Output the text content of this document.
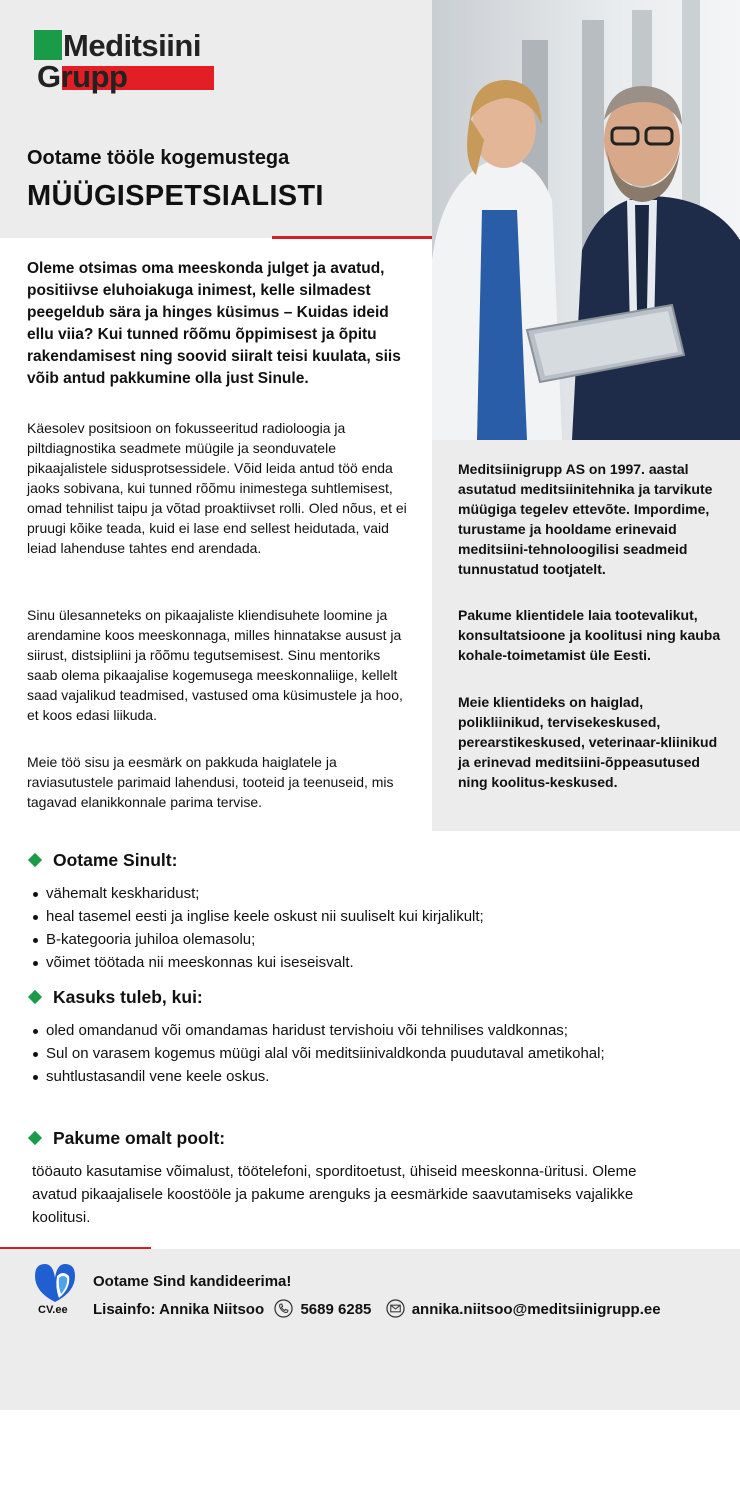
Meditsiini
Grupp
Ootame tööle kogemustega
MÜÜGISPETSIALISTI
Oleme otsimas oma meeskonda julget ja avatud, positiivse eluhoiakuga inimest, kelle silmadest peegeldub sära ja hinges küsimus – Kuidas ideid ellu viia? Kui tunned rõõmu õppimisest ja õpitu rakendamisest ning soovid siiralt teisi kuulata, siis võib antud pakkumine olla just Sinule.
Käesolev positsioon on fokusseeritud radioloogia ja piltdiagnostika seadmete müügile ja seonduvatele pikaajalistele sidusprotsessidele. Võid leida antud töö enda jaoks sobivana, kui tunned rõõmu inimestega suhtlemisest, omad tehnilist taipu ja võtad proaktiivset rolli. Oled nõus, et ei pruugi kõike teada, kuid ei lase end sellest heidutada, vaid leiad lahenduse tahtes end arendada.
Sinu ülesanneteks on pikaajaliste kliendisuhete loomine ja arendamine koos meeskonnaga, milles hinnatakse ausust ja siirust, distsipliini ja rõõmu tegutsemisest. Sinu mentoriks saab olema pikaajalise kogemusega meeskonnaliige, kellelt saad vajalikud teadmised, vastused oma küsimustele ja hoo, et koos edasi liikuda.
Meie töö sisu ja eesmärk on pakkuda haiglatele ja raviasutustele parimaid lahendusi, tooteid ja teenuseid, mis tagavad elanikkonnale parima tervise.
Meditsiinigrupp AS on 1997. aastal asutatud meditsiinitehnika ja tarvikute müügiga tegelev ettevõte. Impordime, turustame ja hooldame erinevaid meditsiini-tehnoloogilisi seadmeid tunnustatud tootjatelt.
Pakume klientidele laia tootevalikut, konsultatsioone ja koolitusi ning kauba kohale-toimetamist üle Eesti.
Meie klientideks on haiglad, polikliinikud, tervisekeskused, perearstikeskused, veterinaar-kliinikud ja erinevad meditsiini-õppeasutused ning koolitus-keskused.
Ootame Sinult:
vähemalt keskharidust;
heal tasemel eesti ja inglise keele oskust nii suuliselt kui kirjalikult;
B-kategooria juhiloa olemasolu;
võimet töötada nii meeskonnas kui iseseisvalt.
Kasuks tuleb, kui:
oled omandanud või omandamas haridust tervishoiu või tehnilises valdkonnas;
Sul on varasem kogemus müügi alal või meditsiinivaldkonda puudutaval ametikohal;
suhtlustasandil vene keele oskus.
Pakume omalt poolt:
tööauto kasutamise võimalust, töötelefoni, sporditoetust, ühiseid meeskonna-üritusi. Oleme avatud pikaajalisele koostööle ja pakume arenguks ja eesmärkide saavutamiseks vajalikke koolitusi.
CV.ee
Ootame Sind kandideerima!
Lisainfo: Annika Niitsoo 5689 6285	annika.niitsoo@meditsiinigrupp.ee
